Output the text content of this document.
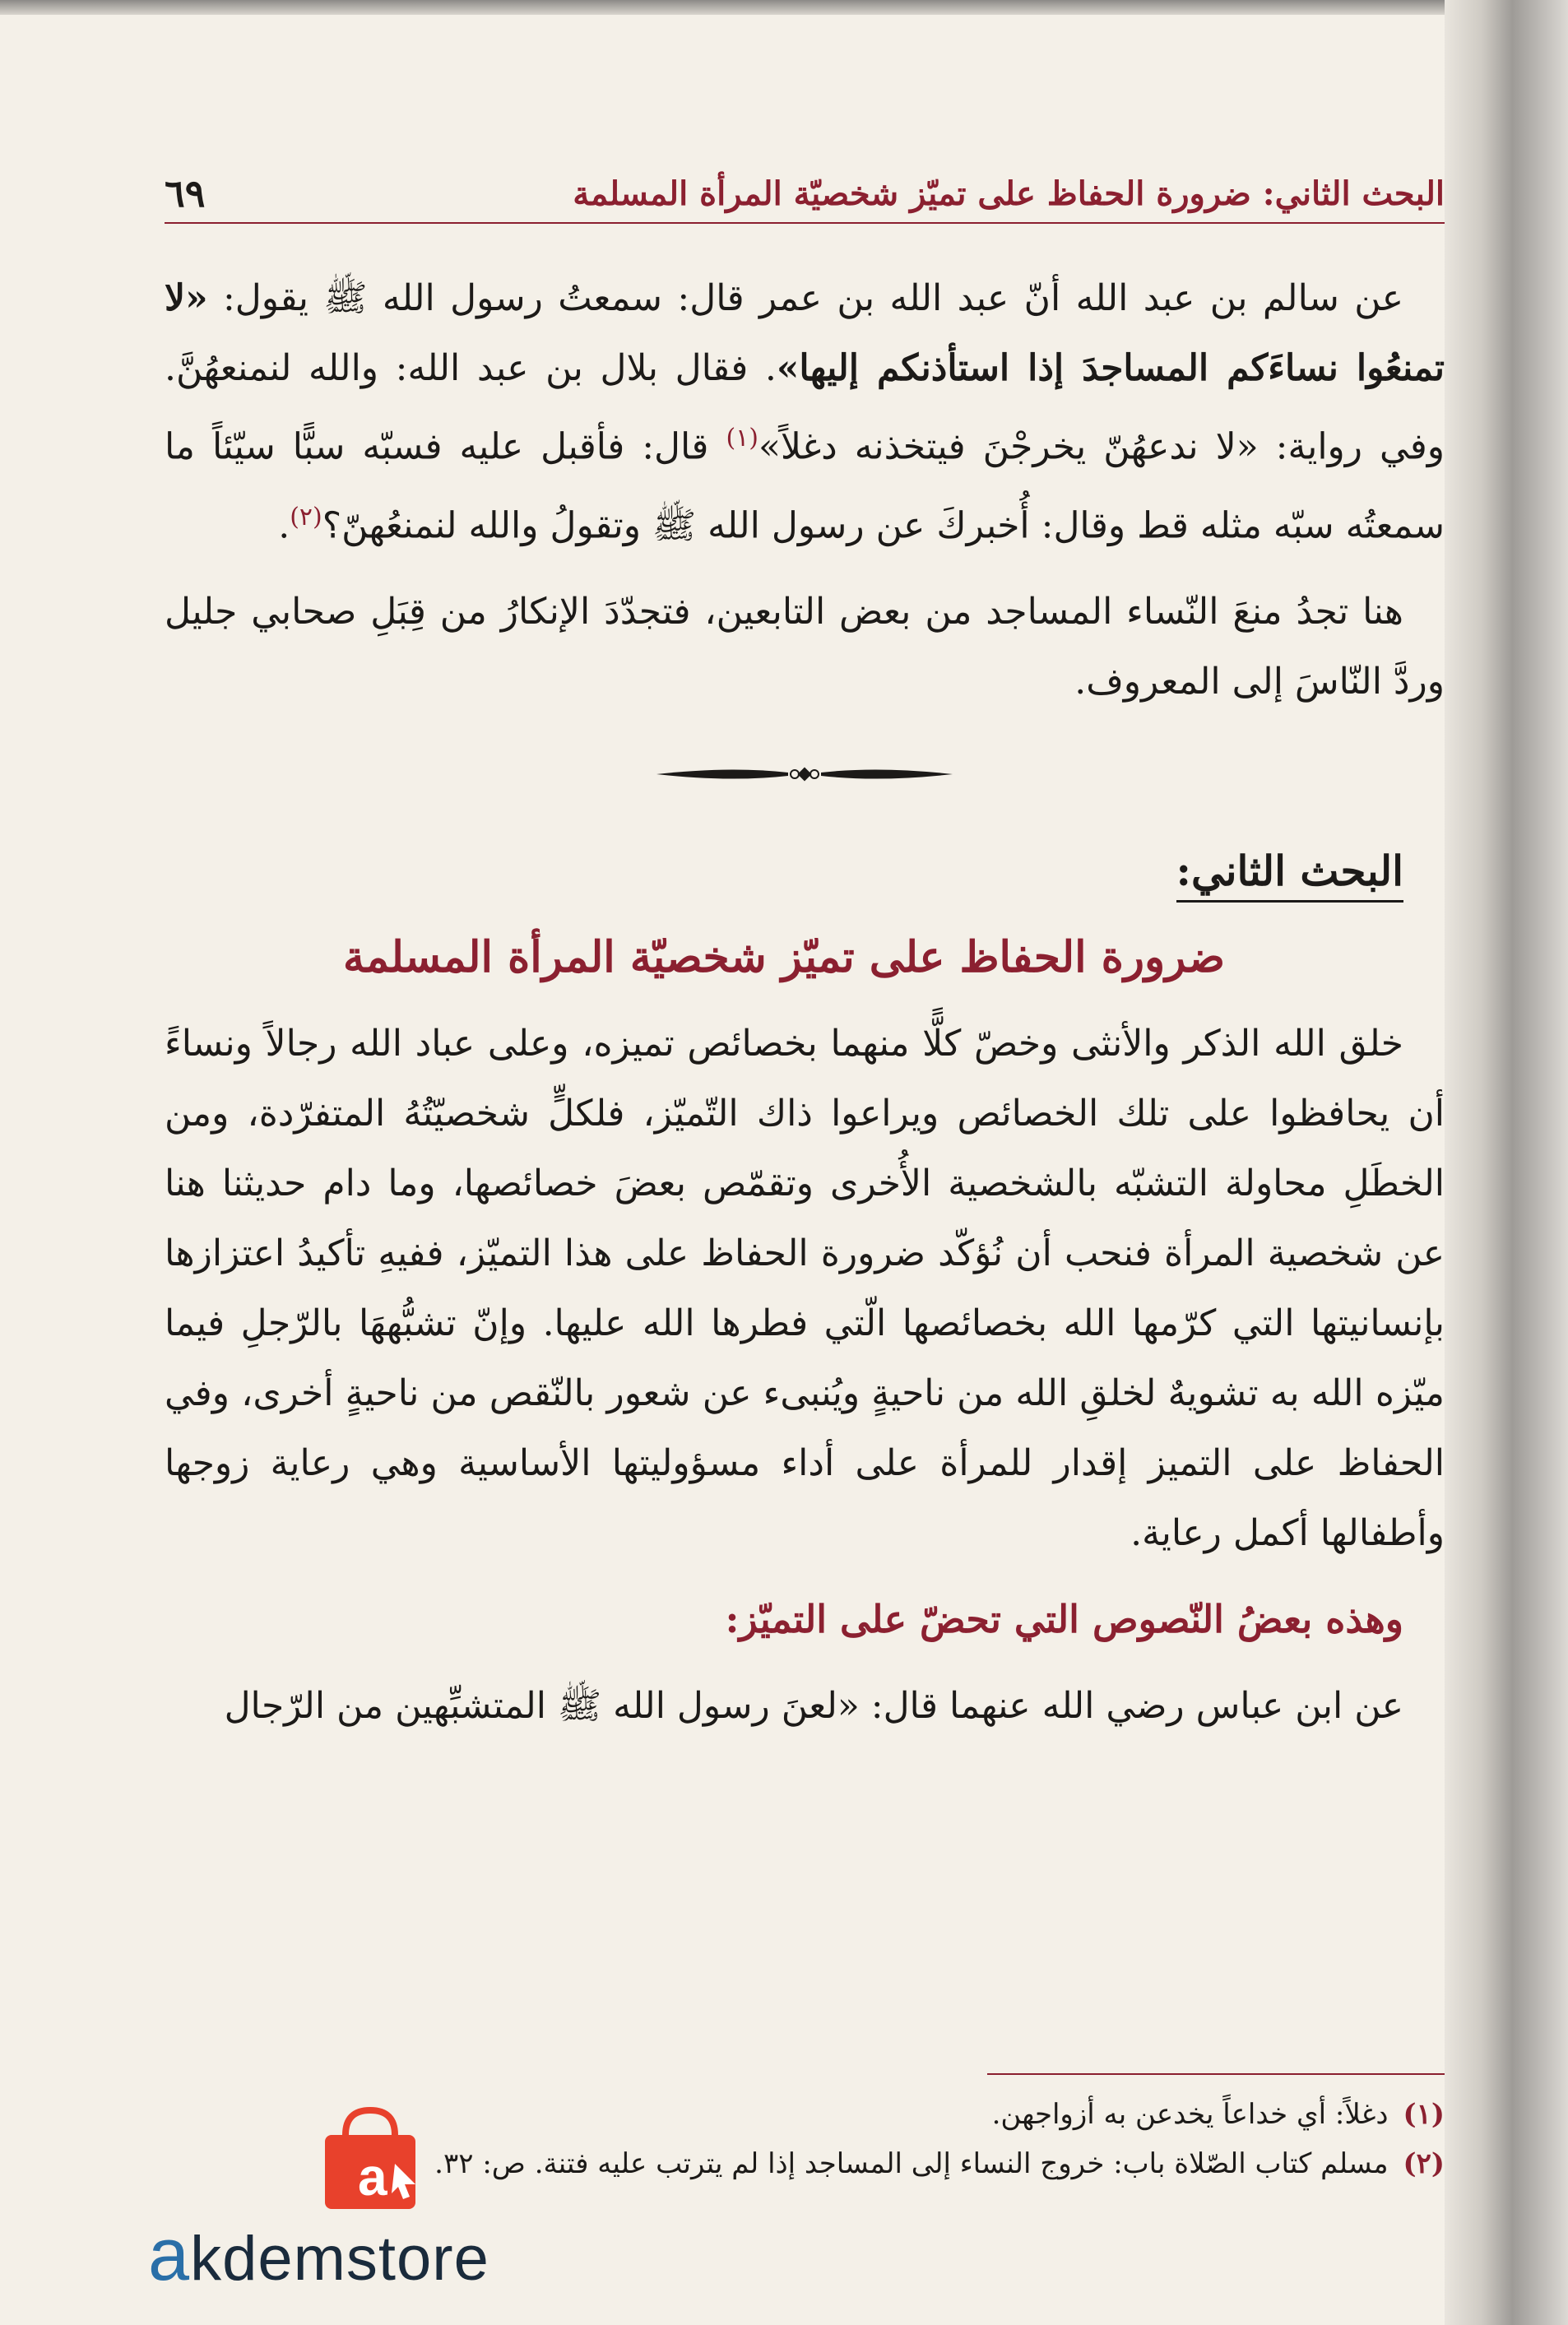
البحث الثاني: ضرورة الحفاظ على تميّز شخصيّة المرأة المسلمة
٦٩

عن سالم بن عبد الله أنّ عبد الله بن عمر قال: سمعتُ رسول الله ﷺ يقول: «لا تمنعُوا نساءَكم المساجدَ إذا استأذنكم إليها». فقال بلال بن عبد الله: والله لنمنعهُنَّ. وفي رواية: «لا ندعهُنّ يخرجْنَ فيتخذنه دغلاً»$^{(١)}$ قال: فأقبل عليه فسبّه سبًّا سيّئاً ما سمعتُه سبّه مثله قط وقال: أُخبركَ عن رسول الله ﷺ وتقولُ والله لنمنعُهنّ؟$^{(٢)}$.

هنا تجدُ منعَ النّساء المساجد من بعض التابعين، فتجدّدَ الإنكارُ من قِبَلِ صحابي جليل وردَّ النّاسَ إلى المعروف.

البحث الثاني:

ضرورة الحفاظ على تميّز شخصيّة المرأة المسلمة

خلق الله الذكر والأنثى وخصّ كلًّا منهما بخصائص تميزه، وعلى عباد الله رجالاً ونساءً أن يحافظوا على تلك الخصائص ويراعوا ذاك التّميّز، فلكلٍّ شخصيّتُهُ المتفرّدة، ومن الخطَلِ محاولة التشبّه بالشخصية الأُخرى وتقمّص بعضَ خصائصها، وما دام حديثنا هنا عن شخصية المرأة فنحب أن نُؤكّد ضرورة الحفاظ على هذا التميّز، ففيهِ تأكيدُ اعتزازها بإنسانيتها التي كرّمها الله بخصائصها الّتي فطرها الله عليها. وإنّ تشبُّههَا بالرّجلِ فيما ميّزه الله به تشويهٌ لخلقِ الله من ناحيةٍ ويُنبىء عن شعور بالنّقص من ناحيةٍ أخرى، وفي الحفاظ على التميز إقدار للمرأة على أداء مسؤوليتها الأساسية وهي رعاية زوجها وأطفالها أكمل رعاية.

وهذه بعضُ النّصوص التي تحضّ على التميّز:

عن ابن عباس رضي الله عنهما قال: «لعنَ رسول الله ﷺ المتشبِّهين من الرّجال

(١)
دغلاً: أي خداعاً يخدعن به أزواجهن.
(٢)
مسلم كتاب الصّلاة باب: خروج النساء إلى المساجد إذا لم يترتب عليه فتنة. ص: ٣٢.
a
akdemstore
